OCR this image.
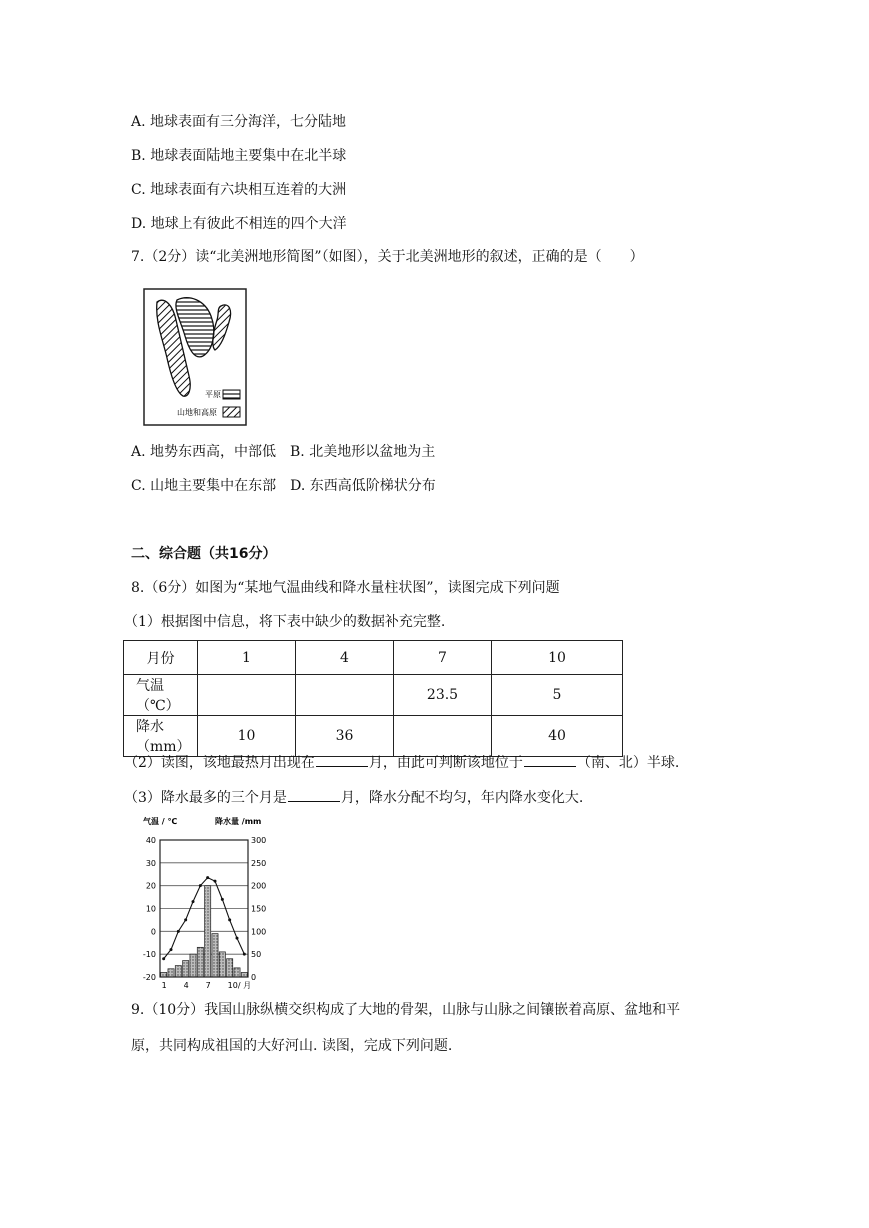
A. 地球表面有三分海洋，七分陆地
B. 地球表面陆地主要集中在北半球
C. 地球表面有六块相互连着的大洲
D. 地球上有彼此不相连的四个大洋
7.（2分）读“北美洲地形简图”（如图），关于北美洲地形的叙述，正确的是（　　）
平原
山地和高原
A. 地势东西高，中部低 B. 北美地形以盆地为主
C. 山地主要集中在东部 D. 东西高低阶梯状分布
二、综合题（共16分）
8.（6分）如图为“某地气温曲线和降水量柱状图”，读图完成下列问题
（1）根据图中信息，将下表中缺少的数据补充完整.
月份	1	4	7	10
气温（℃）			23.5	5
降水（mm）	10	36		40
（2）读图，该地最热月出现在	月，由此可判断该地位于	（南、北）半球.
（3）降水最多的三个月是	月，降水分配不均匀，年内降水变化大.
气温 / ℃	降水量 /mm
40
30
20
10
0
-10
-20
300
250
200
150
100
50
0
1 4 7 10/ 月
9.（10分）我国山脉纵横交织构成了大地的骨架，山脉与山脉之间镶嵌着高原、盆地和平
原，共同构成祖国的大好河山. 读图，完成下列问题.
